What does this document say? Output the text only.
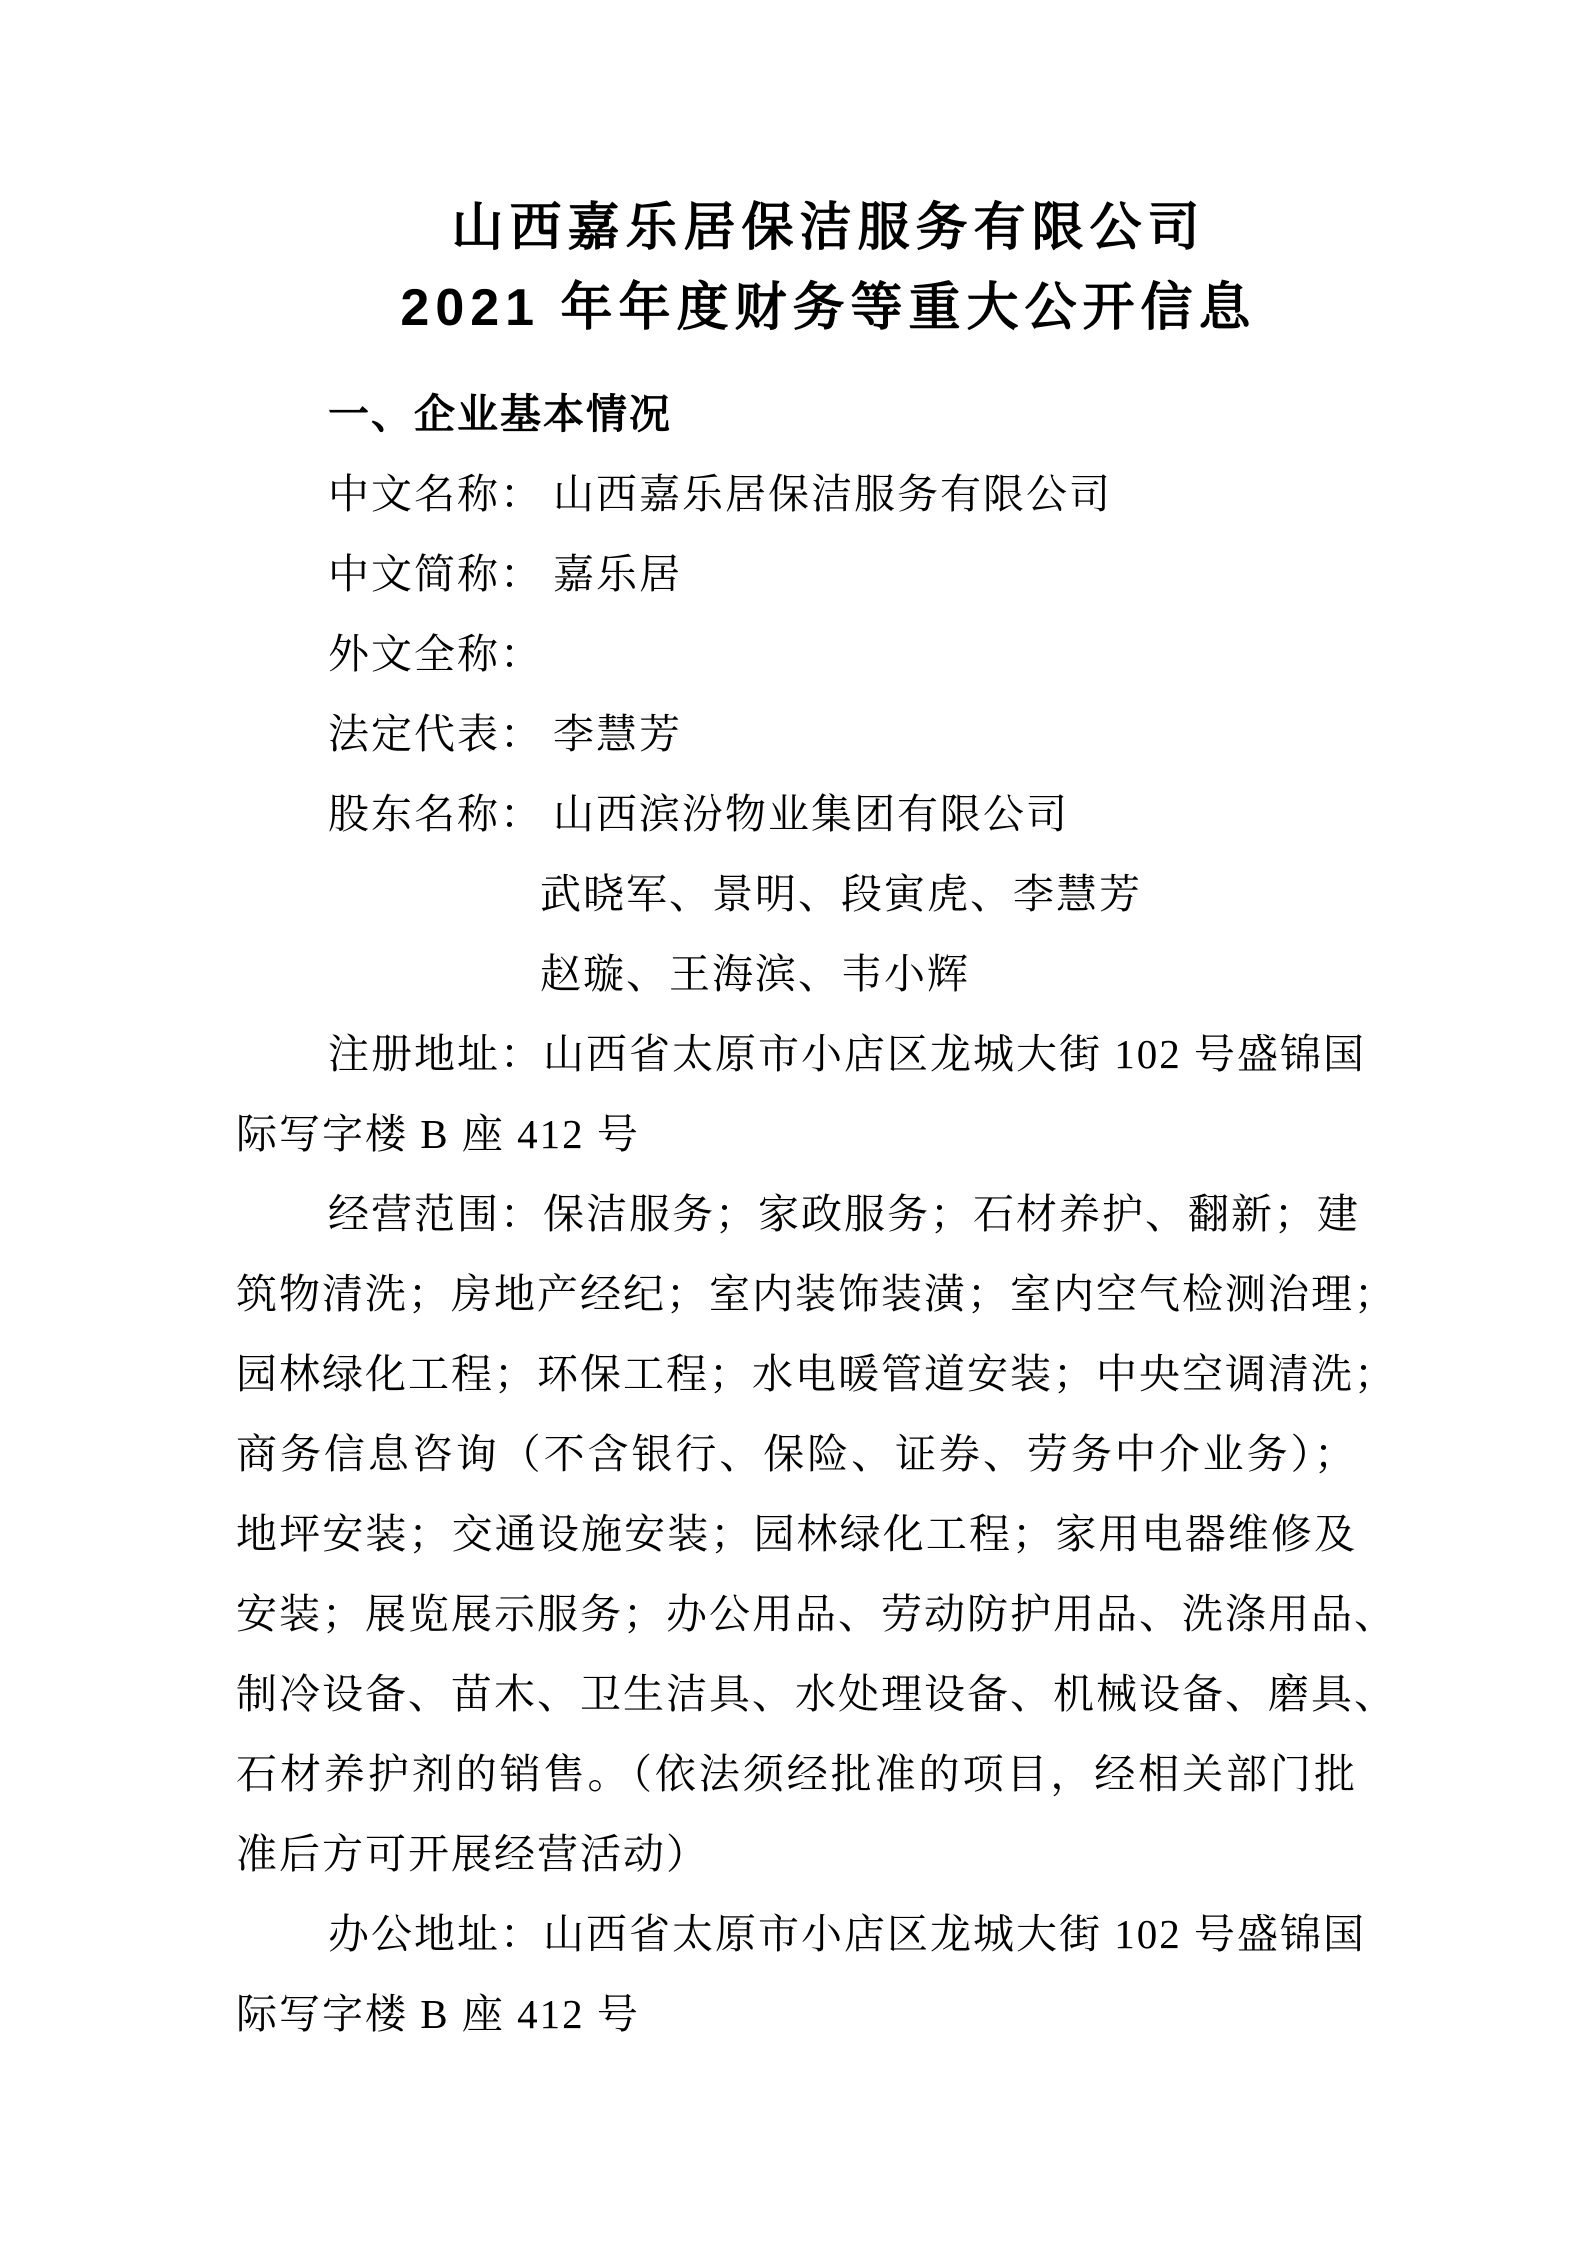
山西嘉乐居保洁服务有限公司
2021 年年度财务等重大公开信息
一、企业基本情况
中文名称： 山西嘉乐居保洁服务有限公司
中文简称： 嘉乐居
外文全称：
法定代表： 李慧芳
股东名称： 山西滨汾物业集团有限公司
武晓军、景明、段寅虎、李慧芳
赵璇、王海滨、韦小辉
注册地址：山西省太原市小店区龙城大街 102 号盛锦国
际写字楼 B 座 412 号
经营范围：保洁服务；家政服务；石材养护、翻新；建
筑物清洗；房地产经纪；室内装饰装潢；室内空气检测治理；
园林绿化工程；环保工程；水电暖管道安装；中央空调清洗；
商务信息咨询（不含银行、保险、证券、劳务中介业务）；
地坪安装；交通设施安装；园林绿化工程；家用电器维修及
安装；展览展示服务；办公用品、劳动防护用品、洗涤用品、
制冷设备、苗木、卫生洁具、水处理设备、机械设备、磨具、
石材养护剂的销售。（依法须经批准的项目，经相关部门批
准后方可开展经营活动）
办公地址：山西省太原市小店区龙城大街 102 号盛锦国
际写字楼 B 座 412 号
